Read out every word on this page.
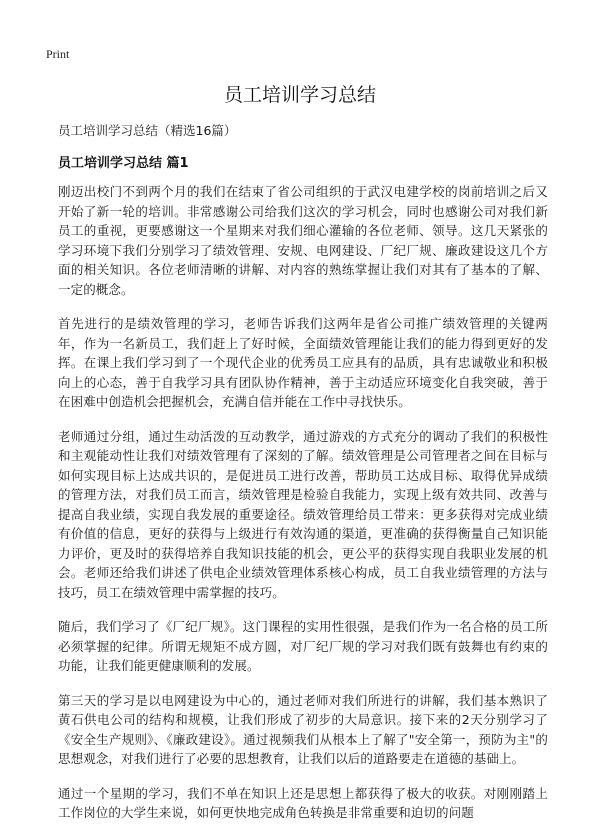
Print
员工培训学习总结
员工培训学习总结（精选16篇）
员工培训学习总结 篇1

刚迈出校门不到两个月的我们在结束了省公司组织的于武汉电建学校的岗前培训之后又开始了新一轮的培训。非常感谢公司给我们这次的学习机会，同时也感谢公司对我们新员工的重视，更要感谢这一个星期来对我们细心灌输的各位老师、领导。这几天紧张的学习环境下我们分别学习了绩效管理、安规、电网建设、厂纪厂规、廉政建设这几个方面的相关知识。各位老师清晰的讲解、对内容的熟练掌握让我们对其有了基本的了解、一定的概念。

首先进行的是绩效管理的学习，老师告诉我们这两年是省公司推广绩效管理的关键两年，作为一名新员工，我们赶上了好时候，全面绩效管理能让我们的能力得到更好的发挥。在课上我们学习到了一个现代企业的优秀员工应具有的品质，具有忠诚敬业和积极向上的心态，善于自我学习具有团队协作精神，善于主动适应环境变化自我突破，善于在困难中创造机会把握机会，充满自信并能在工作中寻找快乐。

老师通过分组，通过生动活泼的互动教学，通过游戏的方式充分的调动了我们的积极性和主观能动性让我们对绩效管理有了深刻的了解。绩效管理是公司管理者之间在目标与如何实现目标上达成共识的，是促进员工进行改善，帮助员工达成目标、取得优异成绩的管理方法，对我们员工而言，绩效管理是检验自我能力，实现上级有效共同、改善与提高自我业绩，实现自我发展的重要途径。绩效管理给员工带来：更多获得对完成业绩有价值的信息，更好的获得与上级进行有效沟通的渠道，更准确的获得衡量自己知识能力评价，更及时的获得培养自我知识技能的机会，更公平的获得实现自我职业发展的机会。老师还给我们讲述了供电企业绩效管理体系核心构成，员工自我业绩管理的方法与技巧，员工在绩效管理中需掌握的技巧。

随后，我们学习了《厂纪厂规》。这门课程的实用性很强，是我们作为一名合格的员工所必须掌握的纪律。所谓无规矩不成方圆，对厂纪厂规的学习对我们既有鼓舞也有约束的功能，让我们能更健康顺利的发展。

第三天的学习是以电网建设为中心的，通过老师对我们所进行的讲解，我们基本熟识了黄石供电公司的结构和规模，让我们形成了初步的大局意识。接下来的2天分别学习了《安全生产规则》、《廉政建设》。通过视频我们从根本上了解了"安全第一，预防为主"的思想观念，对我们进行了必要的思想教育，让我们以后的道路要走在道德的基础上。

通过一个星期的学习，我们不单在知识上还是思想上都获得了极大的收获。对刚刚踏上工作岗位的大学生来说，如何更快地完成角色转换是非常重要和迫切的问题
